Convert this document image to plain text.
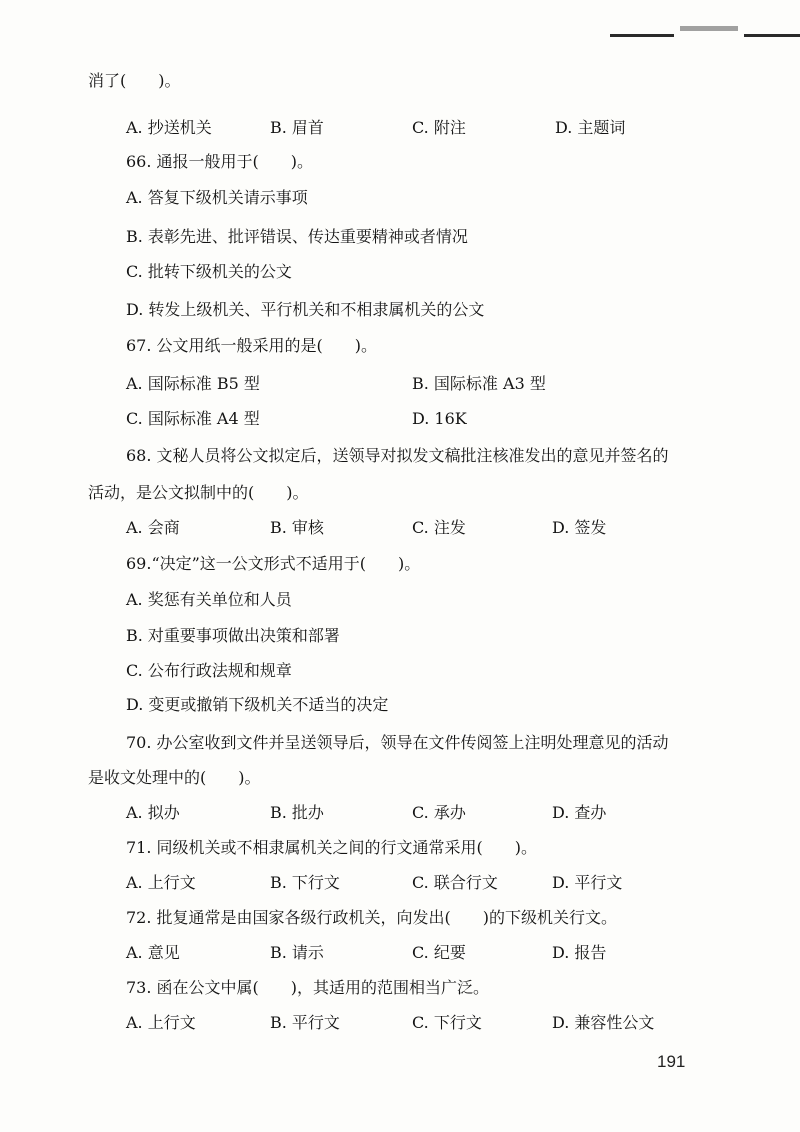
消了(　　)。
A. 抄送机关	B. 眉首	C. 附注	D. 主题词
66. 通报一般用于(　　)。
A. 答复下级机关请示事项
B. 表彰先进、批评错误、传达重要精神或者情况
C. 批转下级机关的公文
D. 转发上级机关、平行机关和不相隶属机关的公文
67. 公文用纸一般采用的是(　　)。
A. 国际标准 B5 型	B. 国际标准 A3 型
C. 国际标准 A4 型	D. 16K
68. 文秘人员将公文拟定后，送领导对拟发文稿批注核准发出的意见并签名的
活动，是公文拟制中的(　　)。
A. 会商	B. 审核	C. 注发	D. 签发
69.“决定”这一公文形式不适用于(　　)。
A. 奖惩有关单位和人员
B. 对重要事项做出决策和部署
C. 公布行政法规和规章
D. 变更或撤销下级机关不适当的决定
70. 办公室收到文件并呈送领导后，领导在文件传阅签上注明处理意见的活动
是收文处理中的(　　)。
A. 拟办	B. 批办	C. 承办	D. 查办
71. 同级机关或不相隶属机关之间的行文通常采用(　　)。
A. 上行文	B. 下行文	C. 联合行文	D. 平行文
72. 批复通常是由国家各级行政机关，向发出(　　)的下级机关行文。
A. 意见	B. 请示	C. 纪要	D. 报告
73. 函在公文中属(　　)，其适用的范围相当广泛。
A. 上行文	B. 平行文	C. 下行文	D. 兼容性公文
191
